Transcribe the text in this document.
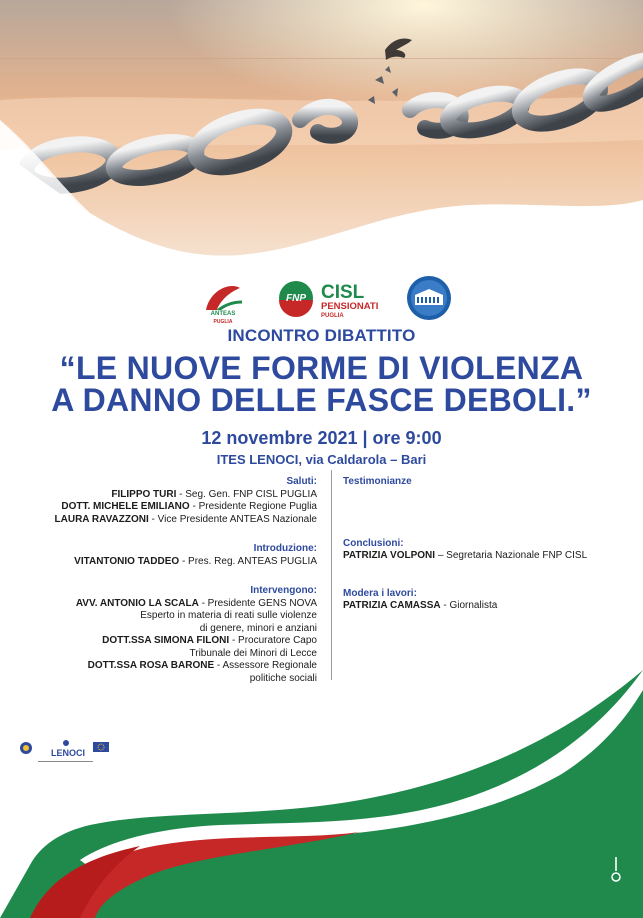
ANTEAS
PUGLIA
FNP CISL
PENSIONATI
PUGLIA
INCONTRO DIBATTITO
“LE NUOVE FORME DI VIOLENZA
A DANNO DELLE FASCE DEBOLI.”
12 novembre 2021 | ore 9:00
ITES LENOCI, via Caldarola – Bari
Saluti:
FILIPPO TURI - Seg. Gen. FNP CISL PUGLIA
DOTT. MICHELE EMILIANO - Presidente Regione Puglia
LAURA RAVAZZONI - Vice Presidente ANTEAS Nazionale
Introduzione:
VITANTONIO TADDEO - Pres. Reg. ANTEAS PUGLIA
Intervengono:
AVV. ANTONIO LA SCALA - Presidente GENS NOVA
Esperto in materia di reati sulle violenze
di genere, minori e anziani
DOTT.SSA SIMONA FILONI - Procuratore Capo
Tribunale dei Minori di Lecce
DOTT.SSA ROSA BARONE - Assessore Regionale
politiche sociali
Testimonianze
Conclusioni:
PATRIZIA VOLPONI – Segretaria Nazionale FNP CISL
Modera i lavori:
PATRIZIA CAMASSA - Giornalista
LENOCI
